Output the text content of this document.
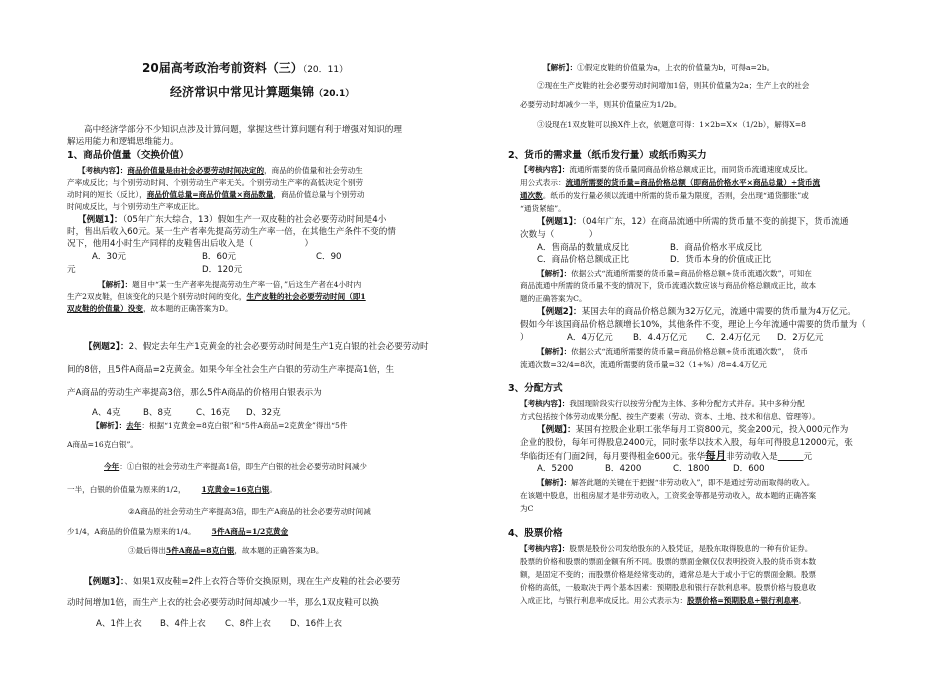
20届高考政治考前资料（三）（20．11）
经济常识中常见计算题集锦（20.1）
高中经济学部分不少知识点涉及计算问题，掌握这些计算问题有利于增强对知识的理
解运用能力和逻辑思维能力。
1、商品价值量（交换价值）
【考核内容】：商品价值量是由社会必要劳动时间决定的，商品的价值量和社会劳动生
产率成反比；与个别劳动时间、个别劳动生产率无关。个别劳动生产率的高低决定个别劳
动时间的短长（反比），商品价值总量=商品价值量×商品数量，商品价值总量与个别劳动
时间成反比，与个别劳动生产率成正比。
【例题1】：（05年广东大综合，13）假如生产一双皮鞋的社会必要劳动时间是4小
时，售出后收入60元。某一生产者率先提高劳动生产率一倍，在其他生产条件不变的情
况下，他用4小时生产同样的皮鞋售出后收入是（　　　　　　）
A．30元	B．60元	C．90
元	D．120元
【解析】：题目中“某一生产者率先提高劳动生产率一倍，”后这生产者在4小时内
生产2双皮鞋，但该变化的只是个别劳动时间的变化，生产皮鞋的社会必要劳动时间（即1
双皮鞋的价值量）没变，故本题的正确答案为D。
【例题2】：2、假定去年生产1克黄金的社会必要劳动时间是生产1克白银的社会必要劳动时
间的8倍，且5件A商品=2克黄金。如果今年全社会生产白银的劳动生产率提高1倍，生
产A商品的劳动生产率提高3倍，那么5件A商品的价格用白银表示为
A、4克	B、8克	C、16克 D、32克
【解析】：去年：根据“1克黄金=8克白银”和“5件A商品=2克黄金”得出“5件
A商品=16克白银”。
今年：①白银的社会劳动生产率提高1倍，即生产白银的社会必要劳动时间减少
一半，白银的价值量为原来的1/2， 1克黄金=16克白银。
②A商品的社会劳动生产率提高3倍，即生产A商品的社会必要劳动时间减
少1/4，A商品的价值量为原来的1/4。 5件A商品=1/2克黄金
③最后得出5件A商品=8克白银，故本题的正确答案为B。
【例题3】：、如果1双皮鞋=2件上衣符合等价交换原则，现在生产皮鞋的社会必要劳
动时间增加1倍，而生产上衣的社会必要劳动时间却减少一半，那么1双皮鞋可以换
A、1件上衣 B、4件上衣 C、8件上衣 D、16件上衣
【解析】：①假定皮鞋的价值量为a，上衣的价值量为b，可得a=2b。
②现在生产皮鞋的社会必要劳动时间增加1倍，则其价值量为2a；生产上衣的社会
必要劳动时却减少一半，则其价值量应为1/2b。
③设现在1双皮鞋可以换X件上衣，依题意可得：1×2b=X×（1/2b），解得X=8
2、货币的需求量（纸币发行量）或纸币购买力
【考核内容】：流通所需要的货币量同商品价格总额成正比，而同货币流通速度成反比。
用公式表示：流通所需要的货币量=商品价格总额（即商品价格水平×商品总量）÷货币流
通次数。纸币的发行量必须以流通中所需的货币量为限度，否则，会出现“通货膨胀”或
“通货紧缩”。
【例题1】：（04年广东，12）在商品流通中所需的货币量不变的前提下，货币流通
次数与（　　　　）
A．售商品的数量成反比	B．商品价格水平成反比
C．商品价格总额成正比	D．货币本身的价值成正比
【解析】：依据公式“流通所需要的货币量=商品价格总额÷货币流通次数”，可知在
商品流通中所需的货币量不变的情况下，货币流通次数应该与商品价格总额成正比，故本
题的正确答案为C。
【例题2】：某国去年的商品价格总额为32万亿元，流通中需要的货币量为4万亿元。
假如今年该国商品价格总额增长10%，其他条件不变，理论上今年流通中需要的货币量为（
）	A．4万亿元 B．4.4万亿元 C．2.4万亿元 D．2万亿元
【解析】：依据公式“流通所需要的货币量=商品价格总额÷货币流通次数”，　货币
流通次数=32/4=8次，流通所需要的货币量=32（1+%）/8=4.4万亿元
3、分配方式
【考核内容】：我国现阶段实行以按劳分配为主体、多种分配方式并存。其中多种分配
方式包括按个体劳动成果分配、按生产要素（劳动、资本、土地、技术和信息、管理等）。
【例题】：某国有控股企业职工张华每月工资800元，奖金200元，投入000元作为
企业的股份，每年可得股息2400元，同时张华以技术入股，每年可得股息12000元，张
华临街还有门面2间，每月要得租金600元。张华每月非劳动收入是　　　	元
A．5200	B．4200	C．1800	D．600
【解析】：解答此题的关键在于把握“非劳动收入”，即不是通过劳动而取得的收入。
在该题中股息，出租房屋才是非劳动收入，工资奖金等都是劳动收入，故本题的正确答案
为C
4、股票价格
【考核内容】：股票是股份公司发给股东的入股凭证，是股东取得股息的一种有价证券。
股票的价格和股票的票面金额有所不同。股票的票面金额仅仅表明投资入股的货币资本数
额，是固定不变的；而股票价格是经常变动的，通常总是大于或小于它的票面金额。股票
价格的高低，一般取决于两个基本因素：预期股息和银行存款利息率。股票价格与股息收
入成正比，与银行利息率成反比。用公式表示为：股票价格=预期股息÷银行利息率。
